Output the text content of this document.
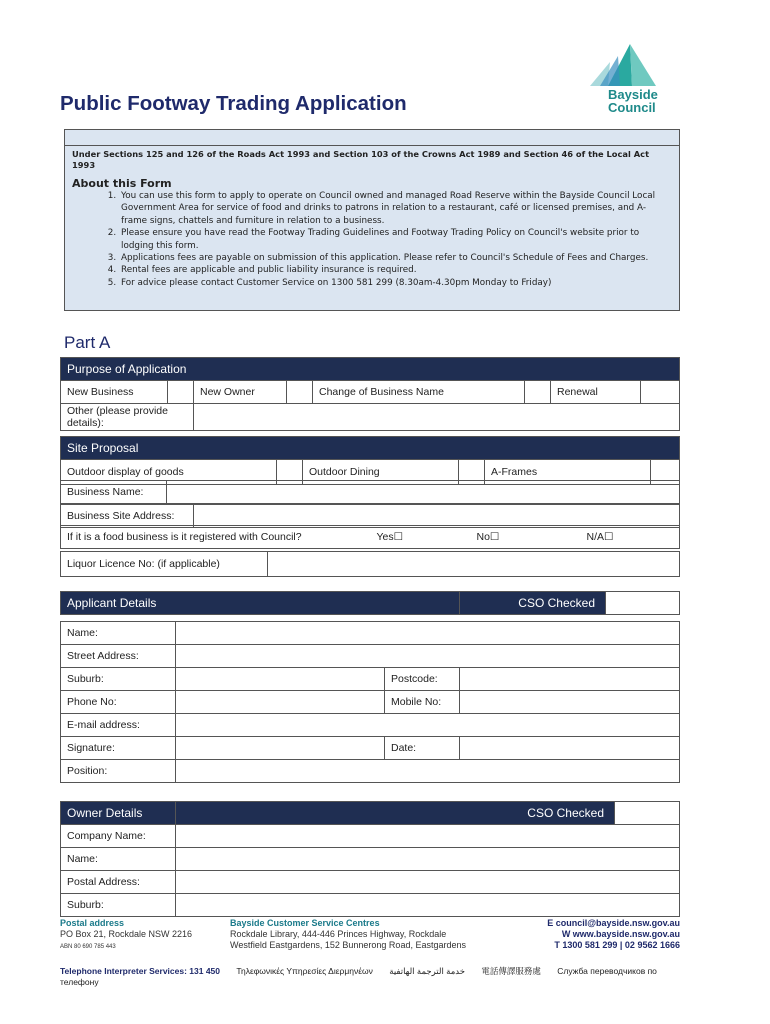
Public Footway Trading Application	Bayside
Council
Under Sections 125 and 126 of the Roads Act 1993 and Section 103 of the Crowns Act 1989 and Section 46 of the Local Act 1993
About this Form
1. You can use this form to apply to operate on Council owned and managed Road Reserve within the Bayside Council Local Government Area for service of food and drinks to patrons in relation to a restaurant, café or licensed premises, and A-frame signs, chattels and furniture in relation to a business.
2. Please ensure you have read the Footway Trading Guidelines and Footway Trading Policy on Council's website prior to lodging this form.
3. Applications fees are payable on submission of this application. Please refer to Council's Schedule of Fees and Charges.
4. Rental fees are applicable and public liability insurance is required.
5. For advice please contact Customer Service on 1300 581 299 (8.30am-4.30pm Monday to Friday)
Part A
Purpose of Application							
New Business		New Owner		Change of Business Name		Renewal	
Other (please provide details):							
Site Proposal
Outdoor display of goods		Outdoor Dining		A-Frames	
Business Name:	
Business Site Address:	
If it is a food business is it registered with Council?	Yes☐	No☐	N/A☐
Liquor Licence No: (if applicable)	
Applicant Details			CSO Checked	

Name:				
Street Address:				
Suburb:		Postcode:		
Phone No:		Mobile No:		
E-mail address:				
Signature:		Date:		
Position:				
Owner Details	CSO Checked	
Company Name:		
Name:		
Postal Address:		
Suburb:		
Postal address
PO Box 21, Rockdale NSW 2216
ABN 80 690 785 443
Bayside Customer Service Centres
Rockdale Library, 444-446 Princes Highway, Rockdale
Westfield Eastgardens, 152 Bunnerong Road, Eastgardens
E council@bayside.nsw.gov.au
W www.bayside.nsw.gov.au
T 1300 581 299 | 02 9562 1666
Telephone Interpreter Services: 131 450 Τηλεφωνικές Υπηρεσίες Διερμηνέων خدمة الترجمة الهاتفية 電話傳譯服務處 Служба переводчиков по телефону
